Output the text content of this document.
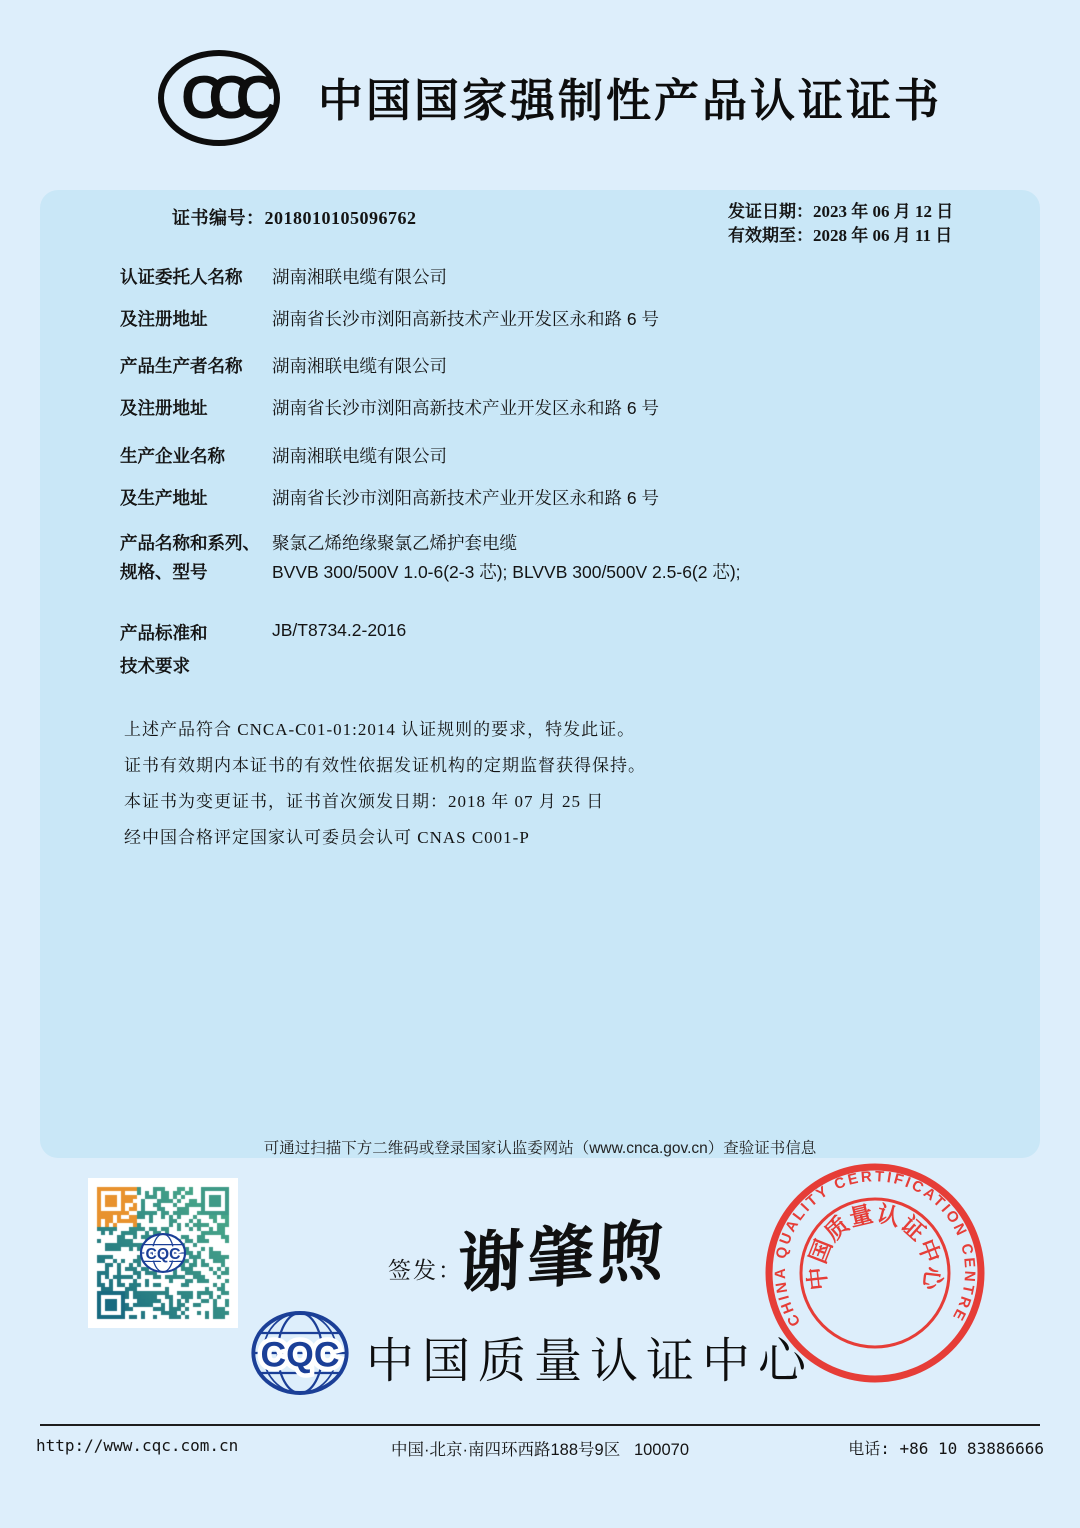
CCC	中国国家强制性产品认证证书
证书编号：2018010105096762	发证日期：2023 年 06 月 12 日
有效期至：2028 年 06 月 11 日
认证委托人名称	湖南湘联电缆有限公司
及注册地址	湖南省长沙市浏阳高新技术产业开发区永和路 6 号
产品生产者名称	湖南湘联电缆有限公司
及注册地址	湖南省长沙市浏阳高新技术产业开发区永和路 6 号
生产企业名称	湖南湘联电缆有限公司
及生产地址	湖南省长沙市浏阳高新技术产业开发区永和路 6 号
产品名称和系列、 聚氯乙烯绝缘聚氯乙烯护套电缆
规格、型号	BVVB 300/500V 1.0-6(2-3 芯); BLVVB 300/500V 2.5-6(2 芯);
产品标准和	JB/T8734.2-2016
技术要求
上述产品符合 CNCA-C01-01:2014 认证规则的要求，特发此证。
证书有效期内本证书的有效性依据发证机构的定期监督获得保持。
本证书为变更证书，证书首次颁发日期：2018 年 07 月 25 日
经中国合格评定国家认可委员会认可 CNAS C001-P
可通过扫描下方二维码或登录国家认监委网站（www.cnca.gov.cn）查验证书信息
CQC
签发：
谢肇煦
CQC 中国质量认证中心
CHINA QUALITY CERTIFICATION CENTRE
中国质量认证中心
http://www.cqc.com.cn	中国·北京·南四环西路188号9区   100070	电话: +86 10 83886666
